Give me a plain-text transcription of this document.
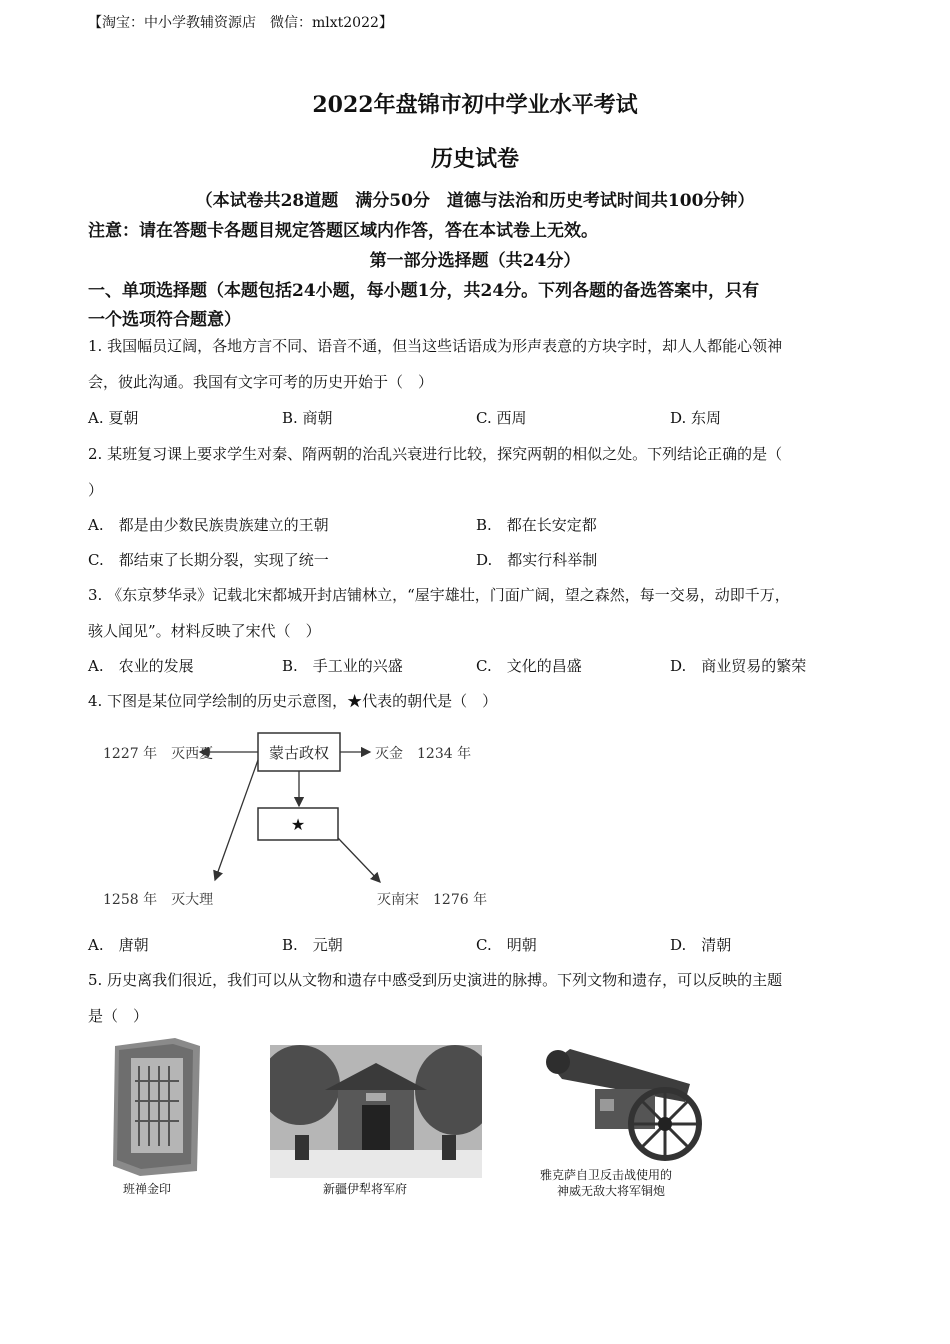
【淘宝：中小学教辅资源店　微信：mlxt2022】
2022年盘锦市初中学业水平考试
历史试卷
（本试卷共28道题　满分50分　道德与法治和历史考试时间共100分钟）
注意：请在答题卡各题目规定答题区域内作答，答在本试卷上无效。
第一部分选择题（共24分）
一、单项选择题（本题包括24小题，每小题1分，共24分。下列各题的备选答案中，只有
一个选项符合题意）
1. 我国幅员辽阔，各地方言不同、语音不通，但当这些话语成为形声表意的方块字时，却人人都能心领神
会，彼此沟通。我国有文字可考的历史开始于（　）
A. 夏朝	B. 商朝	C. 西周	D. 东周
2. 某班复习课上要求学生对秦、隋两朝的治乱兴衰进行比较，探究两朝的相似之处。下列结论正确的是（
）
A.　都是由少数民族贵族建立的王朝	B.　都在长安定都
C.　都结束了长期分裂，实现了统一	D.　都实行科举制
3. 《东京梦华录》记载北宋都城开封店铺林立，“屋宇雄壮，门面广阔，望之森然，每一交易，动即千万，
骇人闻见”。材料反映了宋代（　）
A.　农业的发展	B.　手工业的兴盛	C.　文化的昌盛	D.　商业贸易的繁荣
4. 下图是某位同学绘制的历史示意图，★代表的朝代是（　）
蒙古政权
★
1227 年　灭西夏	灭金　1234 年
1258 年　灭大理	灭南宋　1276 年
A.　唐朝	B.　元朝	C.　明朝	D.　清朝
5. 历史离我们很近，我们可以从文物和遗存中感受到历史演进的脉搏。下列文物和遗存，可以反映的主题
是（　）
班禅金印	新疆伊犁将军府
雅克萨自卫反击战使用的
神威无敌大将军铜炮
